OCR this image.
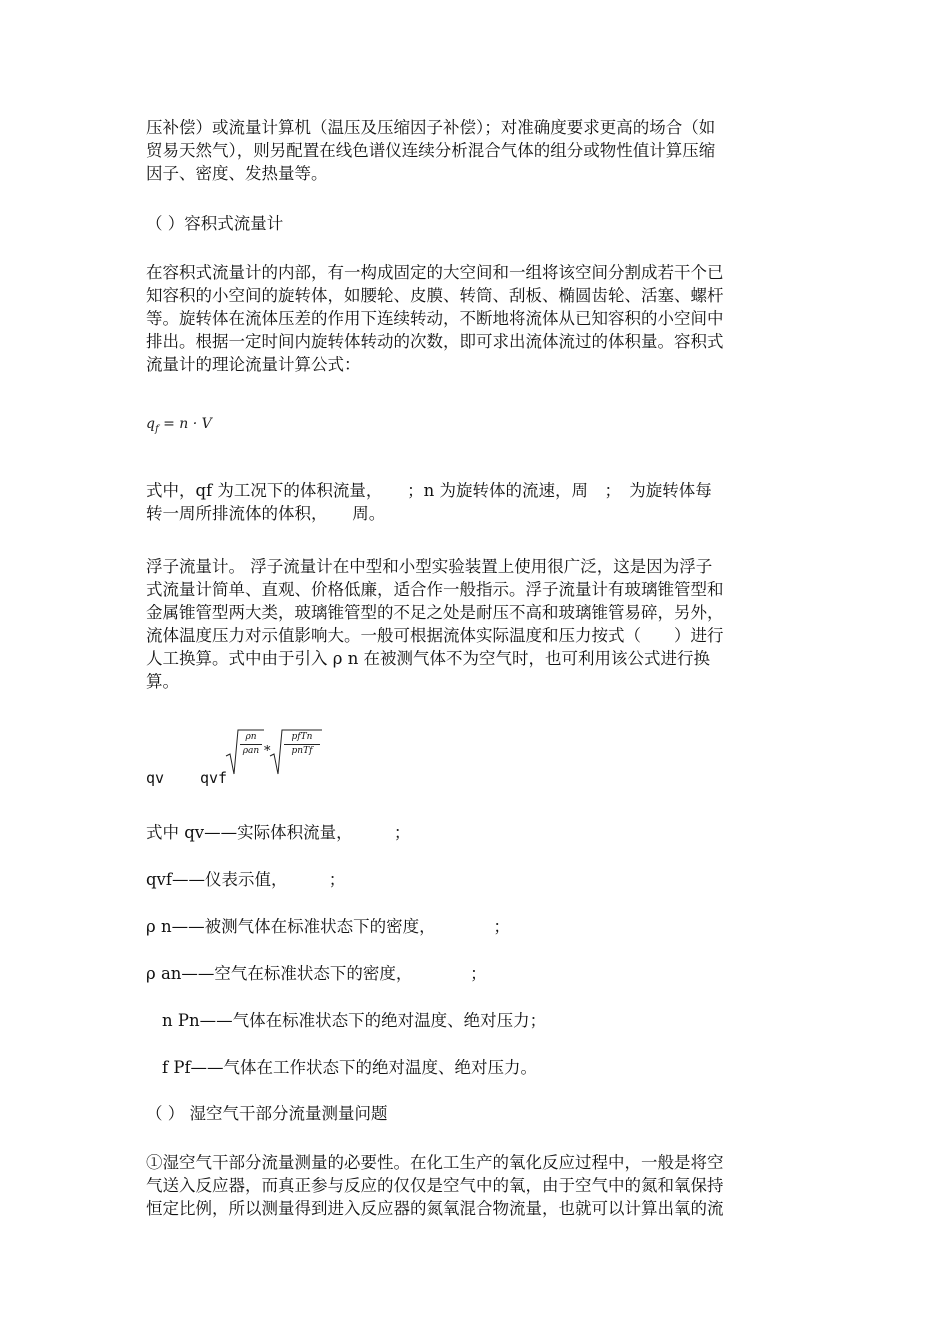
压补偿）或流量计算机（温压及压缩因子补偿）；对准确度要求更高的场合（如
贸易天然气），则另配置在线色谱仪连续分析混合气体的组分或物性值计算压缩
因子、密度、发热量等。
（ ）容积式流量计
在容积式流量计的内部，有一构成固定的大空间和一组将该空间分割成若干个已
知容积的小空间的旋转体，如腰轮、皮膜、转筒、刮板、椭圆齿轮、活塞、螺杆
等。旋转体在流体压差的作用下连续转动，不断地将流体从已知容积的小空间中
排出。根据一定时间内旋转体转动的次数，即可求出流体流过的体积量。容积式
流量计的理论流量计算公式：
$q_f = n \cdot V$
式中，qf 为工况下的体积流量，　　；n 为旋转体的流速，周　；　为旋转体每
转一周所排流体的体积，　　周。
浮子流量计。 浮子流量计在中型和小型实验装置上使用很广泛，这是因为浮子
式流量计简单、直观、价格低廉，适合作一般指示。浮子流量计有玻璃锥管型和
金属锥管型两大类，玻璃锥管型的不足之处是耐压不高和玻璃锥管易碎，另外，
流体温度压力对示值影响大。一般可根据流体实际温度和压力按式（　　）进行
人工换算。式中由于引入 ρ n 在被测气体不为空气时，也可利用该公式进行换
算。
qv qvf
ρn
ρan *
pfTn
pnTf
式中 qv——实际体积流量，　　　；
qvf——仪表示值，　　　；
ρ n——被测气体在标准状态下的密度，　　　　；
ρ an——空气在标准状态下的密度，　　　　；
n Pn——气体在标准状态下的绝对温度、绝对压力；
f Pf——气体在工作状态下的绝对温度、绝对压力。
（ ） 湿空气干部分流量测量问题
①湿空气干部分流量测量的必要性。在化工生产的氧化反应过程中，一般是将空
气送入反应器，而真正参与反应的仅仅是空气中的氧，由于空气中的氮和氧保持
恒定比例，所以测量得到进入反应器的氮氧混合物流量，也就可以计算出氧的流
